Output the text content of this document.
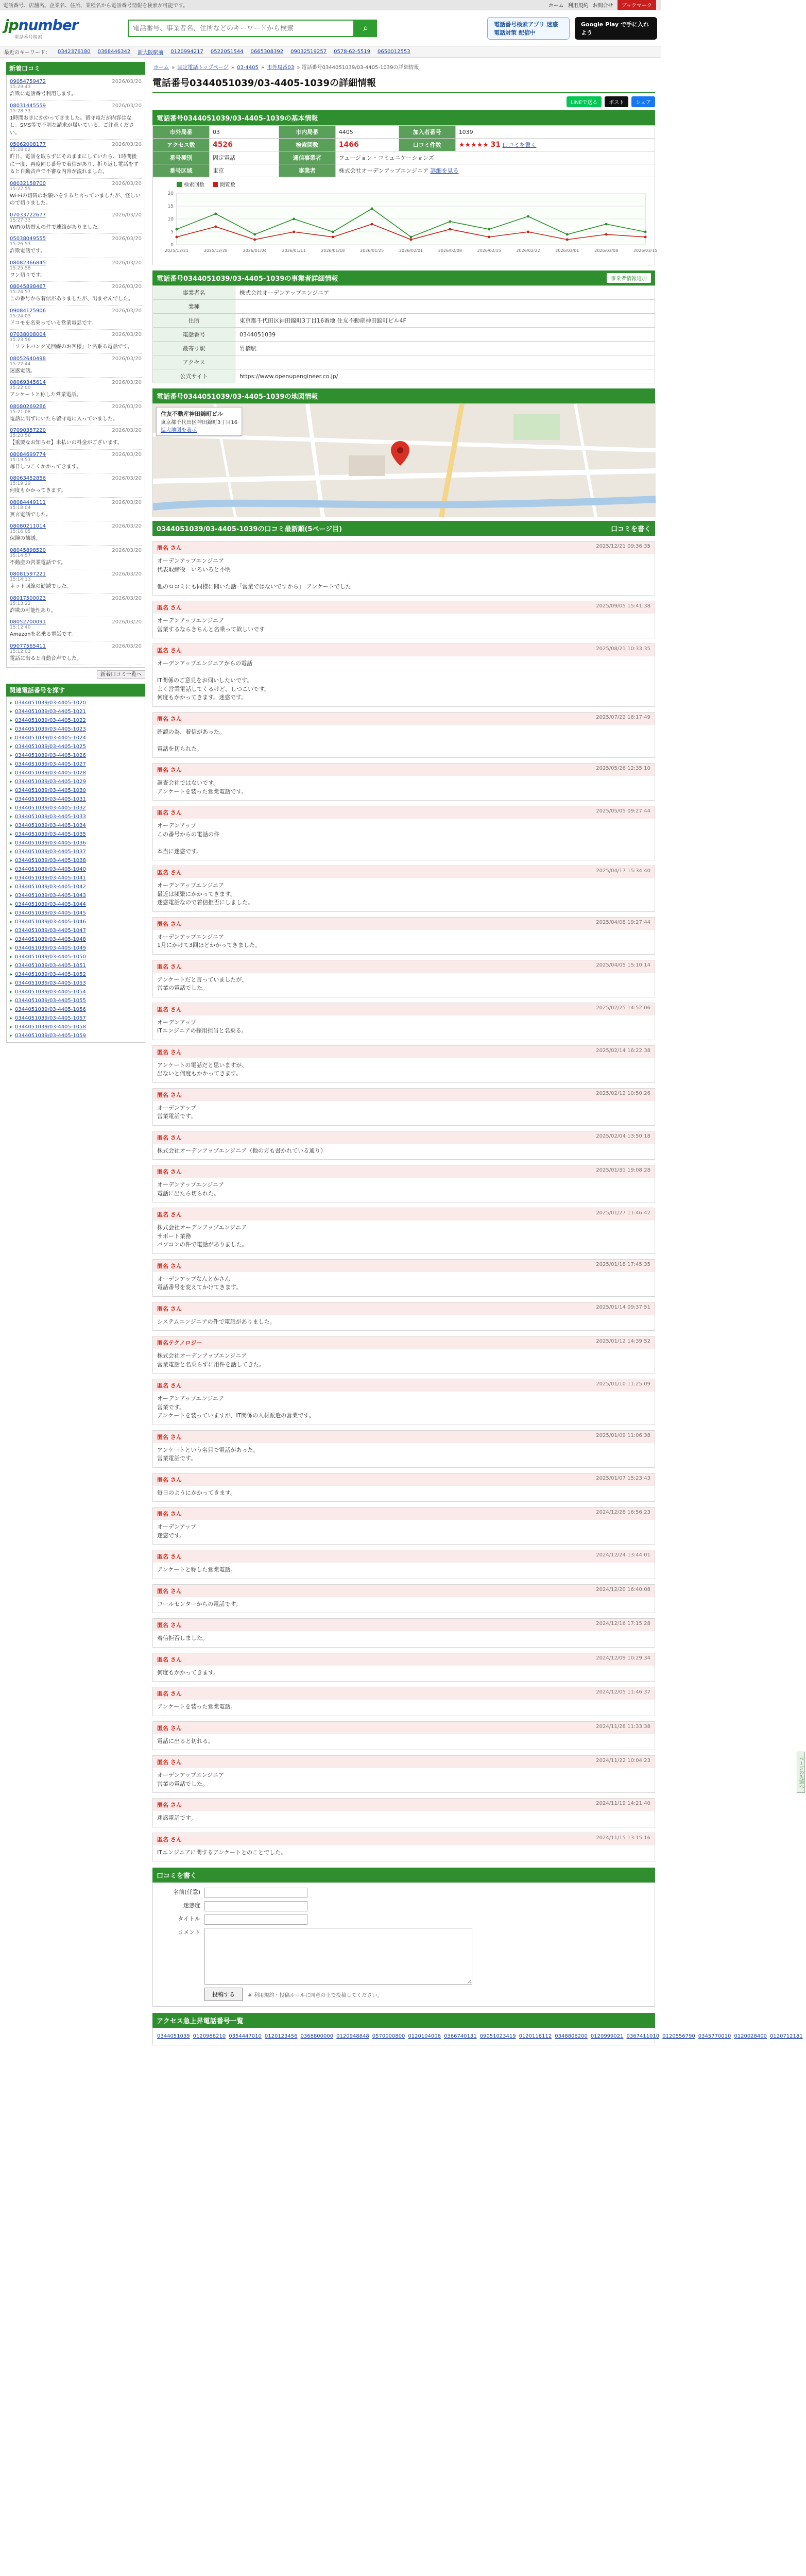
電話番号、店舗名、企業名、住所、業種名から電話番号情報を検索が可能です。	ホーム 利用規約 お問合せ	ブックマーク
jpnumber
電話番号検索
電話番号、事業者名、住所などのキーワードから検索
⌕	電話番号検索アプリ 迷惑電話対策 配信中
Google Play で手に入れよう
最近のキーワード： 0342376180 0368446342 新大阪駅前 0120994217 0522051544 0665308392 09032519257 0578-62-5519 0650012553
新着口コミ
09054759472	2026/03/20
15:29:43
詐欺に電話番号利用します。
08031445559	2026/03/20
15:28:33
1時間おきにかかってきました。留守電だが内容はなし。SMS等で不明な請求が届いている。ご注意ください。
05062008177	2026/03/20
15:28:02
昨日、電話を取らずにそのままにしていたら、1時間後に一度、再度同じ番号で着信があり、折り返し電話をすると自動音声で不審な内容が流れました。
08032158700	2026/03/20
15:27:55
Wi-Fiの切替のお願いをすると言っていましたが、怪しいので切りました。
07033722677	2026/03/20
15:27:33
WiFiの切替えの件で連絡がありました。
05038049555	2026/03/20
15:26:53
詐欺電話です。
08082366845	2026/03/20
15:25:58
ワン切りです。
08045898467	2026/03/20
15:24:57
この番号から着信がありましたが、出ませんでした。
09084125906	2026/03/20
15:24:03
ドコモを名乗っている営業電話です。
07038008004	2026/03/20
15:23:56
「ソフトバンク光回線のお客様」と名乗る電話です。
08052640498	2026/03/20
15:22:44
迷惑電話。
08069345614	2026/03/20
15:22:00
アンケートと称した営業電話。
08080269286	2026/03/20
15:21:08
電話に出ずにいたら留守電に入っていました。
07090357220	2026/03/20
15:20:56
【重要なお知らせ】未払いの料金がございます。
08084699774	2026/03/20
15:19:53
毎日しつこくかかってきます。
08063452856	2026/03/20
15:19:29
何度もかかってきます。
08084449111	2026/03/20
15:18:04
無言電話でした。
08080211014	2026/03/20
15:16:05
保険の勧誘。
08045898520	2026/03/20
15:14:57
不動産の営業電話です。
08081597221	2026/03/20
15:14:13
ネット回線の勧誘でした。
08017500023	2026/03/20
15:13:22
詐欺の可能性あり。
08052700091	2026/03/20
15:12:40
Amazonを名乗る電話です。
09077565411	2026/03/20
15:12:03
電話に出ると自動音声でした。
新着口コミ一覧へ
関連電話番号を探す
▸ 0344051039/03-4405-1020
▸ 0344051039/03-4405-1021
▸ 0344051039/03-4405-1022
▸ 0344051039/03-4405-1023
▸ 0344051039/03-4405-1024
▸ 0344051039/03-4405-1025
▸ 0344051039/03-4405-1026
▸ 0344051039/03-4405-1027
▸ 0344051039/03-4405-1028
▸ 0344051039/03-4405-1029
▸ 0344051039/03-4405-1030
▸ 0344051039/03-4405-1031
▸ 0344051039/03-4405-1032
▸ 0344051039/03-4405-1033
▸ 0344051039/03-4405-1034
▸ 0344051039/03-4405-1035
▸ 0344051039/03-4405-1036
▸ 0344051039/03-4405-1037
▸ 0344051039/03-4405-1038
▸ 0344051039/03-4405-1040
▸ 0344051039/03-4405-1041
▸ 0344051039/03-4405-1042
▸ 0344051039/03-4405-1043
▸ 0344051039/03-4405-1044
▸ 0344051039/03-4405-1045
▸ 0344051039/03-4405-1046
▸ 0344051039/03-4405-1047
▸ 0344051039/03-4405-1048
▸ 0344051039/03-4405-1049
▸ 0344051039/03-4405-1050
▸ 0344051039/03-4405-1051
▸ 0344051039/03-4405-1052
▸ 0344051039/03-4405-1053
▸ 0344051039/03-4405-1054
▸ 0344051039/03-4405-1055
▸ 0344051039/03-4405-1056
▸ 0344051039/03-4405-1057
▸ 0344051039/03-4405-1058
▸ 0344051039/03-4405-1059
ホーム » 固定電話トップページ » 03-4405 » 市外局番03 » 電話番号0344051039/03-4405-1039の詳細情報
電話番号0344051039/03-4405-1039の詳細情報
LINEで送る	ポスト	シェア
電話番号0344051039/03-4405-1039の基本情報
市外局番	03	市内局番	4405	加入者番号	1039
アクセス数	4526	検索回数	1466	口コミ件数	★★★★★ 31 口コミを書く
番号種別	固定電話	通信事業者	フュージョン・コミュニケーションズ		
番号区域	東京	事業者	株式会社オーデンアップエンジニア 詳細を見る		
検索回数	閲覧数
0
5
10
15
20
2025/12/21	2025/12/28	2026/01/04	2026/01/11	2026/01/18	2026/01/25	2026/02/01	2026/02/08	2026/02/15	2026/02/22	2026/03/01	2026/03/08	2026/03/15
電話番号0344051039/03-4405-1039の事業者詳細情報	事業者情報追加
事業者名	株式会社オーデンアップエンジニア
業種	
住所	東京都千代田区神田錦町3丁目16番地 住友不動産神田錦町ビル4F
電話番号	0344051039
最寄り駅	竹橋駅
アクセス	
公式サイト	https://www.openupengineer.co.jp/
電話番号0344051039/03-4405-1039の地図情報
住友不動産神田錦町ビル
東京都千代田区神田錦町3丁目16
拡大地図を表示
0344051039/03-4405-1039の口コミ最新順(5ページ目)	口コミを書く
匿名 さん	2025/12/21 09:36:35
オーデンアップエンジニア
代表取締役　いろいろと不明

他のロコミにも同様に聞いた話「営業ではないですから」 アンケートでした
匿名 さん	2025/09/05 15:41:38
オーデンアップエンジニア
営業するならきちんと名乗って欲しいです
匿名 さん	2025/08/21 10:33:35
オーデンアップエンジニアからの電話

IT関係のご意見をお伺いしたいです。
よく営業電話してくるけど、しつこいです。
何度もかかってきます。迷惑です。
匿名 さん	2025/07/22 16:17:49
確認の為、着信があった。

電話を切られた。
匿名 さん	2025/05/26 12:35:10
調査会社ではないです。
アンケートを装った営業電話です。
匿名 さん	2025/05/05 09:27:44
オーデンアップ
この番号からの電話の件

本当に迷惑です。
匿名 さん	2025/04/17 15:34:40
オーデンアップエンジニア
最近は頻繁にかかってきます。
迷惑電話なので着信拒否にしました。
匿名 さん	2025/04/08 19:27:44
オーデンアップエンジニア
1月にかけて3回ほどかかってきました。
匿名 さん	2025/04/05 15:10:14
アンケートだと言っていましたが、
営業の電話でした。
匿名 さん	2025/02/25 14:52:06
オーデンアップ
ITエンジニアの採用担当と名乗る。
匿名 さん	2025/02/14 16:22:38
アンケートの電話だと思いますが、
出ないと何度もかかってきます。
匿名 さん	2025/02/12 10:50:26
オーデンアップ
営業電話です。
匿名 さん	2025/02/04 13:50:18
株式会社オーデンアップエンジニア（他の方も書かれている通り）
匿名 さん	2025/01/31 19:08:28
オーデンアップエンジニア
電話に出たら切られた。
匿名 さん	2025/01/27 11:46:42
株式会社オーデンアップエンジニア
サポート業務
パソコンの件で電話がありました。
匿名 さん	2025/01/18 17:45:35
オーデンアップなんとかさん
電話番号を変えてかけてきます。
匿名 さん	2025/01/14 09:37:51
システムエンジニアの件で電話がありました。
匿名テクノロジー	2025/01/12 14:39:52
株式会社オーデンアップエンジニア
営業電話と名乗らずに用件を話してきた。
匿名 さん	2025/01/10 11:25:09
オーデンアップエンジニア
営業です。
アンケートを装っていますが、IT関係の人材派遣の営業です。
匿名 さん	2025/01/09 11:06:38
アンケートという名目で電話があった。
営業電話です。
匿名 さん	2025/01/07 15:23:43
毎日のようにかかってきます。
匿名 さん	2024/12/28 16:56:23
オーデンアップ
迷惑です。
匿名 さん	2024/12/24 13:44:01
アンケートと称した営業電話。
匿名 さん	2024/12/20 16:40:08
コールセンターからの電話です。
匿名 さん	2024/12/16 17:15:28
着信拒否しました。
匿名 さん	2024/12/09 10:29:34
何度もかかってきます。
匿名 さん	2024/12/05 11:46:37
アンケートを装った営業電話。
匿名 さん	2024/11/28 11:33:38
電話に出ると切れる。
匿名 さん	2024/11/22 10:04:23
オーデンアップエンジニア
営業の電話でした。
匿名 さん	2024/11/19 14:21:40
迷惑電話です。
匿名 さん	2024/11/15 13:15:16
ITエンジニアに関するアンケートとのことでした。
口コミを書く
名前(任意)
迷惑度
タイトル
コメント
投稿する	※ 利用規約・投稿ルールに同意の上で投稿してください。
アクセス急上昇電話番号一覧
0344051039 0120988210 0354447010 0120123456 0368800000 0120948848 0570000800 0120104006 0366740131 09051023419 0120118112 0348806200 0120999021 0367411010 0120556790 0345770010 0120028400 0120712181
ページの先頭へ
